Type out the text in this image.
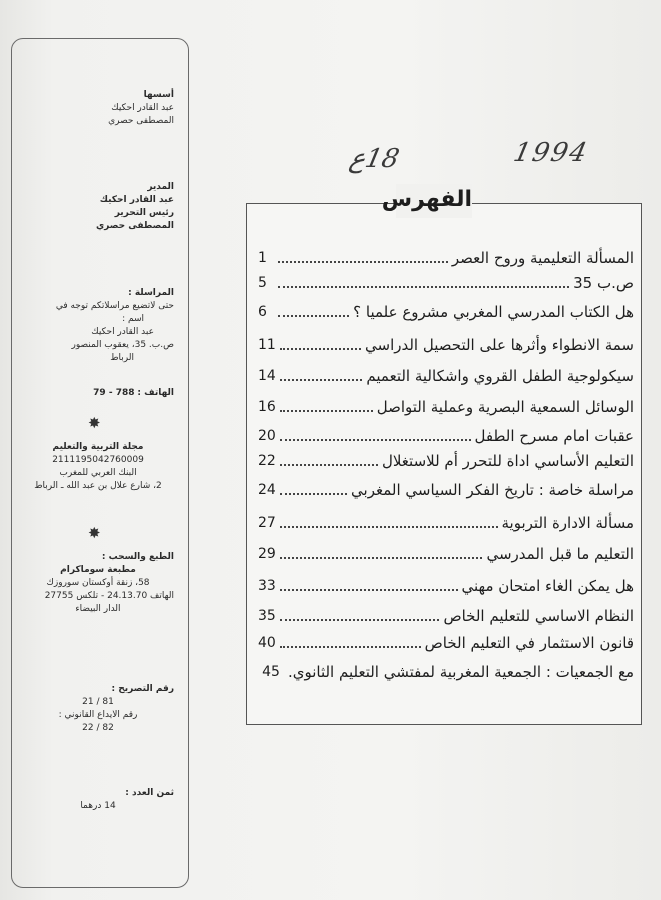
أسسها
عبد القادر احكيك
المصطفى حصري
المدير
عبد القادر احكيك
رئيس التحرير
المصطفى حصري
المراسلة :
حتى لاتضيع مراسلاتكم توجه في
اسم :
عبد القادر احكيك
ص.ب. 35، يعقوب المنصور
الرباط
الهاتف : 79 - 788
✸
مجلة التربية والتعليم
2111195042760009
البنك العربي للمغرب
2، شارع علال بن عبد الله ـ الرباط
✸
الطبع والسحب :
مطبعة سوماكرام
58، زنقة أوكستان سوروزك
الهاتف 24.13.70 - تلكس 27755
الدار البيضاء
رقم التصريح :
21 / 81
رقم الايداع القانوني :
22 / 82
ثمن العدد :
14 درهما
1994
18ع
الفهرس
المسألة التعليمية وروح العصر
1
ص.ب 35
5
هل الكتاب المدرسي المغربي مشروع علميا ؟
6
سمة الانطواء وأثرها على التحصيل الدراسي
11
سيكولوجية الطفل القروي واشكالية التعميم
14
الوسائل السمعية البصرية وعملية التواصل
16
عقبات امام مسرح الطفل
20
التعليم الأساسي اداة للتحرر أم للاستغلال
22
مراسلة خاصة : تاريخ الفكر السياسي المغربي
24
مسألة الادارة التربوية
27
التعليم ما قبل المدرسي
29
هل يمكن الغاء امتحان مهني
33
النظام الاساسي للتعليم الخاص
35
قانون الاستثمار في التعليم الخاص
40
مع الجمعيات : الجمعية المغربية لمفتشي التعليم الثانوي.
45
